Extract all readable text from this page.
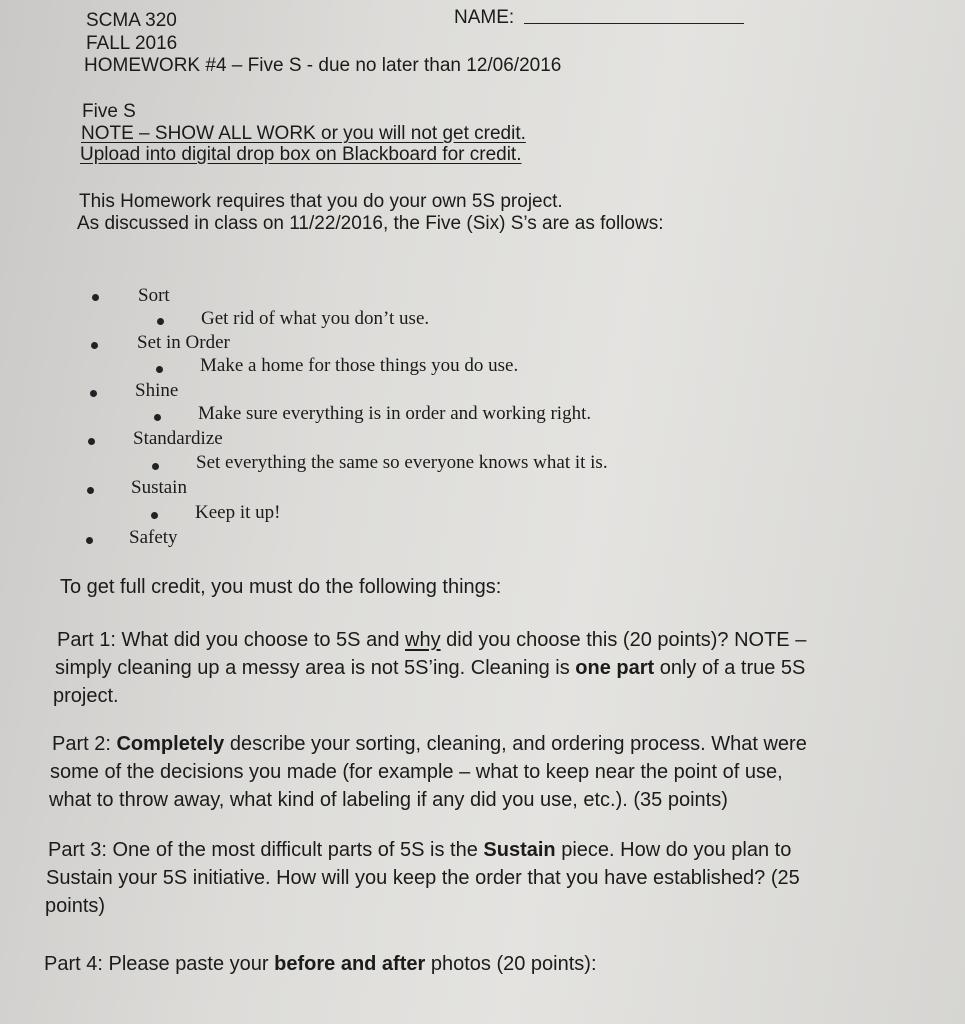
SCMA 320
FALL 2016
HOMEWORK #4 – Five S - due no later than 12/06/2016
NAME:
Five S
NOTE – SHOW ALL WORK or you will not get credit.
Upload into digital drop box on Blackboard for credit.
This Homework requires that you do your own 5S project.
As discussed in class on 11/22/2016, the Five (Six) S’s are as follows:
Sort
Get rid of what you don’t use.
Set in Order
Make a home for those things you do use.
Shine
Make sure everything is in order and working right.
Standardize
Set everything the same so everyone knows what it is.
Sustain
Keep it up!
Safety
To get full credit, you must do the following things:
Part 1: What did you choose to 5S and why did you choose this (20 points)? NOTE –
simply cleaning up a messy area is not 5S’ing. Cleaning is one part only of a true 5S
project.
Part 2: Completely describe your sorting, cleaning, and ordering process. What were
some of the decisions you made (for example – what to keep near the point of use,
what to throw away, what kind of labeling if any did you use, etc.). (35 points)
Part 3: One of the most difficult parts of 5S is the Sustain piece. How do you plan to
Sustain your 5S initiative. How will you keep the order that you have established? (25
points)
Part 4: Please paste your before and after photos (20 points):
